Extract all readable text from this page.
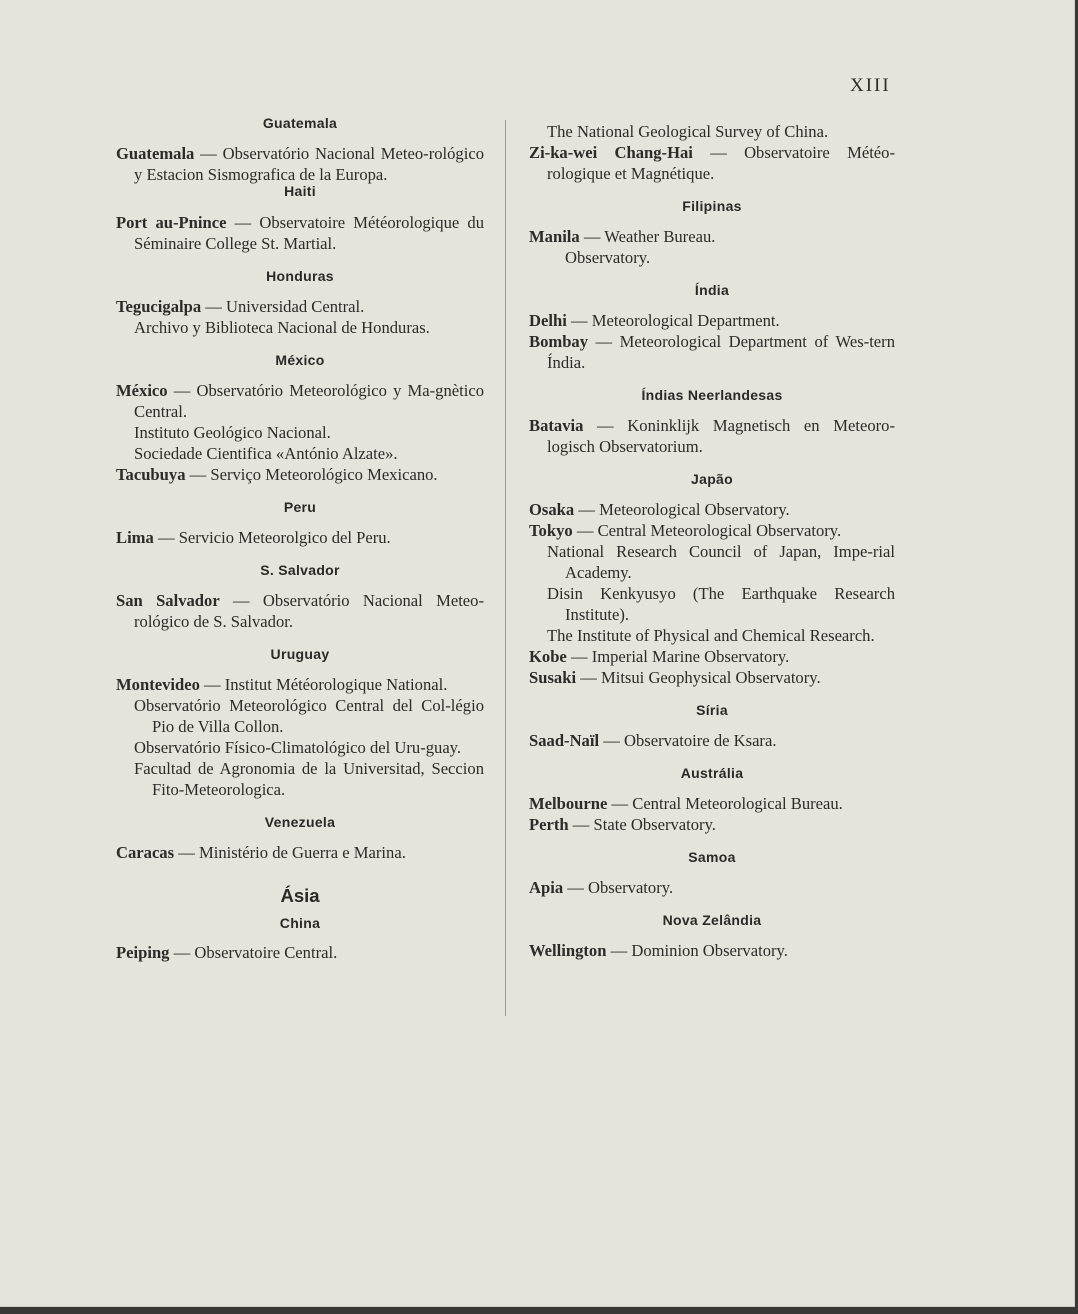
XIII
Guatemala
Guatemala — Observatório Nacional Meteo-rológico y Estacion Sismografica de la Europa.
Haiti
Port au-Pnince — Observatoire Météorologique du Séminaire College St. Martial.
Honduras
Tegucigalpa — Universidad Central.
Archivo y Biblioteca Nacional de Honduras.
México
México — Observatório Meteorológico y Ma-gnètico Central.
Instituto Geológico Nacional.
Sociedade Cientifica «António Alzate».
Tacubuya — Serviço Meteorológico Mexicano.
Peru
Lima — Servicio Meteorolgico del Peru.
S. Salvador
San Salvador — Observatório Nacional Meteo-rológico de S. Salvador.
Uruguay
Montevideo — Institut Météorologique National.
Observatório Meteorológico Central del Col-légio Pio de Villa Collon.
Observatório Físico-Climatológico del Uru-guay.
Facultad de Agronomia de la Universitad, Seccion Fito-Meteorologica.
Venezuela
Caracas — Ministério de Guerra e Marina.
Ásia
China
Peiping — Observatoire Central.
The National Geological Survey of China.
Zi-ka-wei Chang-Hai — Observatoire Météo-rologique et Magnétique.
Filipinas
Manila — Weather Bureau.
Observatory.
Índia
Delhi — Meteorological Department.
Bombay — Meteorological Department of Wes-tern Índia.
Índias Neerlandesas
Batavia — Koninklijk Magnetisch en Meteoro-logisch Observatorium.
Japão
Osaka — Meteorological Observatory.
Tokyo — Central Meteorological Observatory.
National Research Council of Japan, Impe-rial Academy.
Disin Kenkyusyo (The Earthquake Research Institute).
The Institute of Physical and Chemical Research.
Kobe — Imperial Marine Observatory.
Susaki — Mitsui Geophysical Observatory.
Síria
Saad-Naïl — Observatoire de Ksara.
Austrália
Melbourne — Central Meteorological Bureau.
Perth — State Observatory.
Samoa
Apia — Observatory.
Nova Zelândia
Wellington — Dominion Observatory.
